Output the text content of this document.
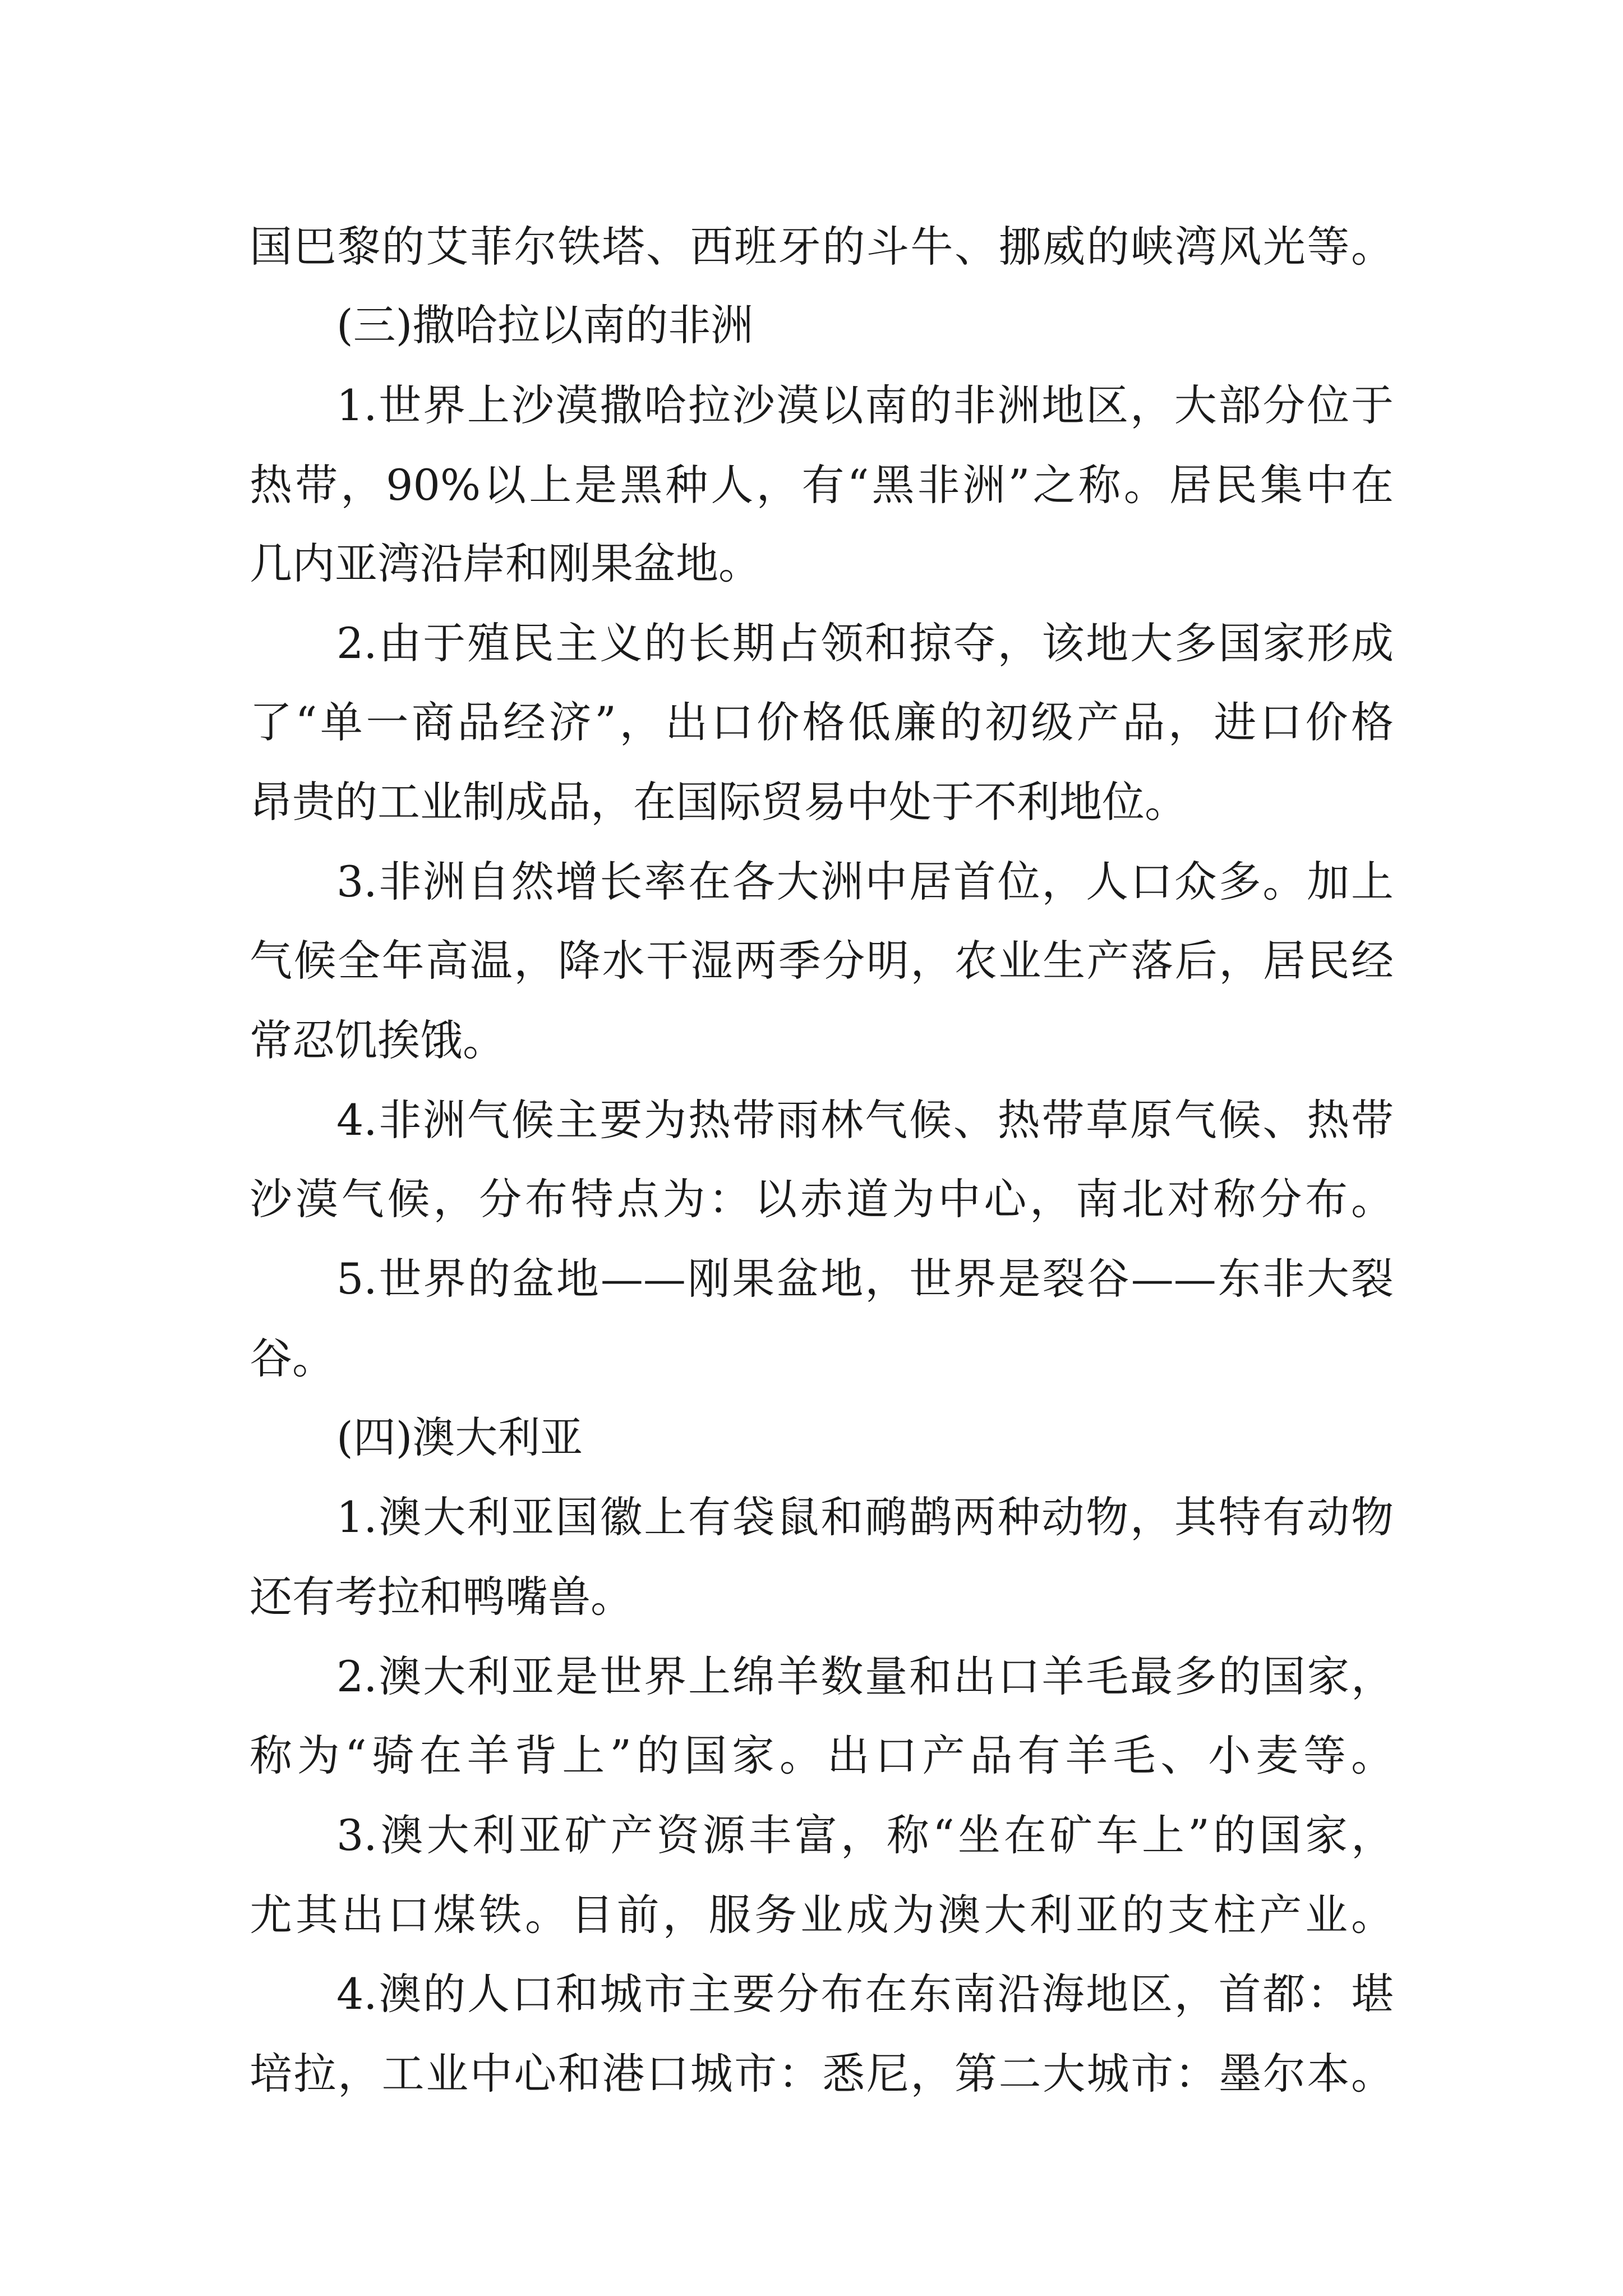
国巴黎的艾菲尔铁塔、西班牙的斗牛、挪威的峡湾风光等。
(三)撒哈拉以南的非洲
1.世界上沙漠撒哈拉沙漠以南的非洲地区，大部分位于
热带，90%以上是黑种人，有“黑非洲”之称。居民集中在
几内亚湾沿岸和刚果盆地。
2.由于殖民主义的长期占领和掠夺，该地大多国家形成
了“单一商品经济”，出口价格低廉的初级产品，进口价格
昂贵的工业制成品，在国际贸易中处于不利地位。
3.非洲自然增长率在各大洲中居首位，人口众多。加上
气候全年高温，降水干湿两季分明，农业生产落后，居民经
常忍饥挨饿。
4.非洲气候主要为热带雨林气候、热带草原气候、热带
沙漠气候，分布特点为：以赤道为中心，南北对称分布。
5.世界的盆地——刚果盆地，世界是裂谷——东非大裂
谷。
(四)澳大利亚
1.澳大利亚国徽上有袋鼠和鸸鹋两种动物，其特有动物
还有考拉和鸭嘴兽。
2.澳大利亚是世界上绵羊数量和出口羊毛最多的国家，
称为“骑在羊背上”的国家。出口产品有羊毛、小麦等。
3.澳大利亚矿产资源丰富，称“坐在矿车上”的国家，
尤其出口煤铁。目前，服务业成为澳大利亚的支柱产业。
4.澳的人口和城市主要分布在东南沿海地区，首都：堪
培拉，工业中心和港口城市：悉尼，第二大城市：墨尔本。
